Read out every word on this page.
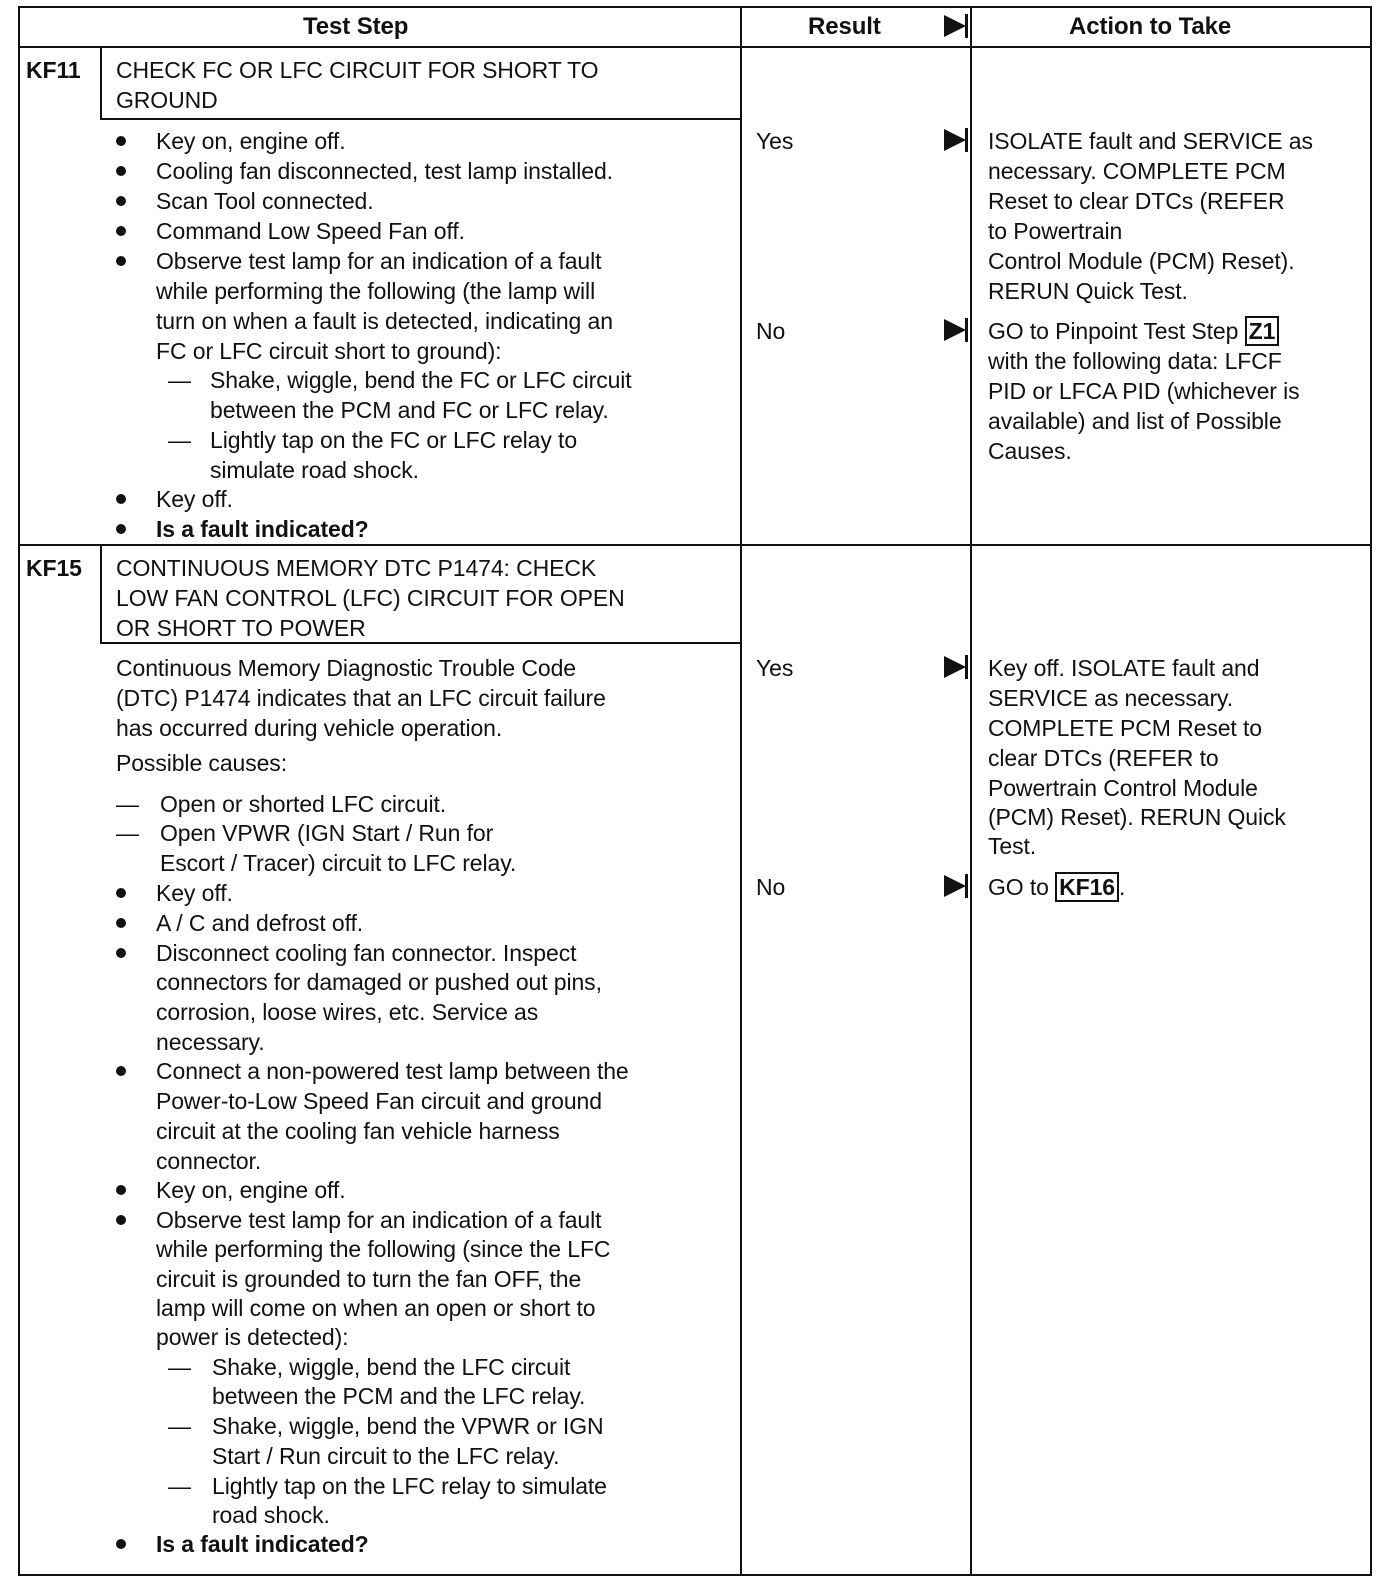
Test Step	Result	Action to Take
KF11 CHECK FC OR LFC CIRCUIT FOR SHORT TO
GROUND
Key on, engine off.
Cooling fan disconnected, test lamp installed.
Scan Tool connected.
Command Low Speed Fan off.
Observe test lamp for an indication of a fault
while performing the following (the lamp will
turn on when a fault is detected, indicating an
FC or LFC circuit short to ground):
— Shake, wiggle, bend the FC or LFC circuit
between the PCM and FC or LFC relay.
— Lightly tap on the FC or LFC relay to
simulate road shock.
Key off.
Is a fault indicated?
Yes
No
ISOLATE fault and SERVICE as
necessary. COMPLETE PCM
Reset to clear DTCs (REFER
to Powertrain
Control Module (PCM) Reset).
RERUN Quick Test.
GO to Pinpoint Test Step Z1
with the following data: LFCF
PID or LFCA PID (whichever is
available) and list of Possible
Causes.
KF15 CONTINUOUS MEMORY DTC P1474: CHECK
LOW FAN CONTROL (LFC) CIRCUIT FOR OPEN
OR SHORT TO POWER
Continuous Memory Diagnostic Trouble Code
(DTC) P1474 indicates that an LFC circuit failure
has occurred during vehicle operation.
Possible causes:
— Open or shorted LFC circuit.
— Open VPWR (IGN Start / Run for
Escort / Tracer) circuit to LFC relay.
Key off.
A / C and defrost off.
Disconnect cooling fan connector. Inspect
connectors for damaged or pushed out pins,
corrosion, loose wires, etc. Service as
necessary.
Connect a non-powered test lamp between the
Power-to-Low Speed Fan circuit and ground
circuit at the cooling fan vehicle harness
connector.
Key on, engine off.
Observe test lamp for an indication of a fault
while performing the following (since the LFC
circuit is grounded to turn the fan OFF, the
lamp will come on when an open or short to
power is detected):
— Shake, wiggle, bend the LFC circuit
between the PCM and the LFC relay.
— Shake, wiggle, bend the VPWR or IGN
Start / Run circuit to the LFC relay.
— Lightly tap on the LFC relay to simulate
road shock.
Is a fault indicated?
Yes
No
Key off. ISOLATE fault and
SERVICE as necessary.
COMPLETE PCM Reset to
clear DTCs (REFER to
Powertrain Control Module
(PCM) Reset). RERUN Quick
Test.
GO to KF16 .
